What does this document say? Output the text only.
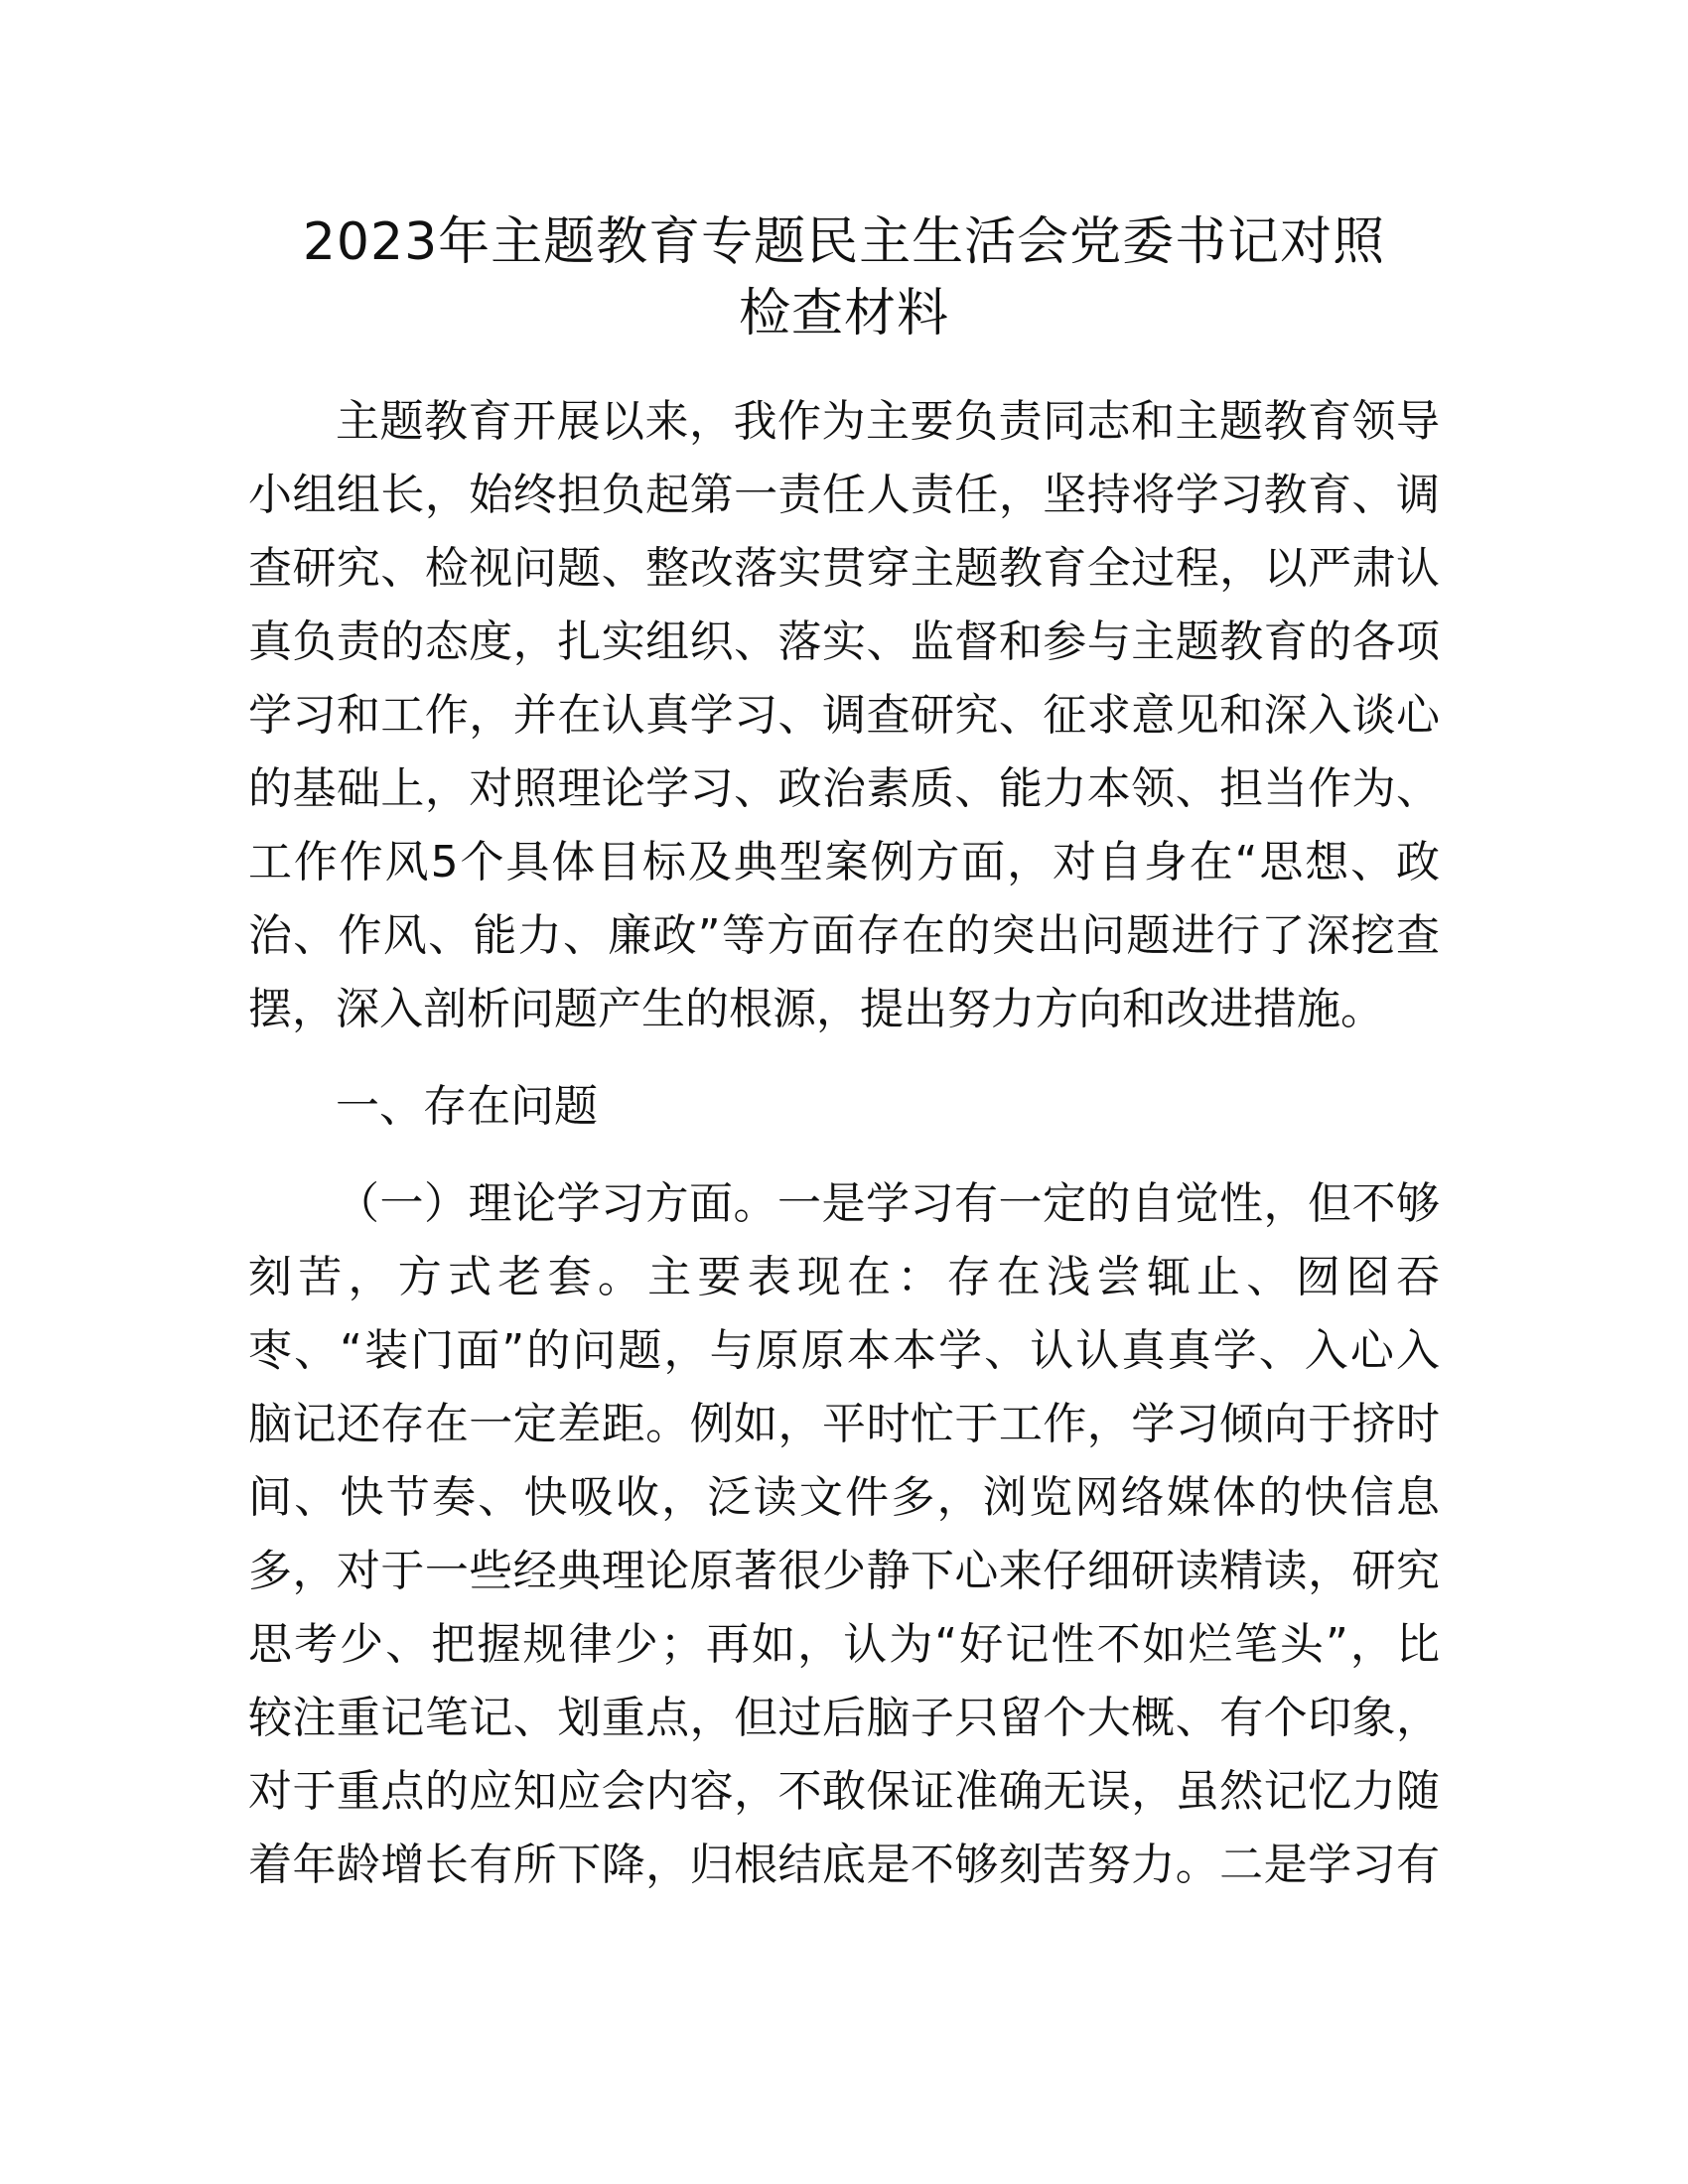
2023年主题教育专题民主生活会党委书记对照
检查材料
主题教育开展以来，我作为主要负责同志和主题教育领导
小组组长，始终担负起第一责任人责任，坚持将学习教育、调
查研究、检视问题、整改落实贯穿主题教育全过程，以严肃认
真负责的态度，扎实组织、落实、监督和参与主题教育的各项
学习和工作，并在认真学习、调查研究、征求意见和深入谈心
的基础上，对照理论学习、政治素质、能力本领、担当作为、
工作作风5个具体目标及典型案例方面，对自身在“思想、政
治、作风、能力、廉政”等方面存在的突出问题进行了深挖查
摆，深入剖析问题产生的根源，提出努力方向和改进措施。
一、存在问题
（一）理论学习方面。一是学习有一定的自觉性，但不够
刻苦，方式老套。主要表现在：存在浅尝辄止、囫囵吞
枣、“装门面”的问题，与原原本本学、认认真真学、入心入
脑记还存在一定差距。例如，平时忙于工作，学习倾向于挤时
间、快节奏、快吸收，泛读文件多，浏览网络媒体的快信息
多，对于一些经典理论原著很少静下心来仔细研读精读，研究
思考少、把握规律少；再如，认为“好记性不如烂笔头”，比
较注重记笔记、划重点，但过后脑子只留个大概、有个印象，
对于重点的应知应会内容，不敢保证准确无误，虽然记忆力随
着年龄增长有所下降，归根结底是不够刻苦努力。二是学习有
